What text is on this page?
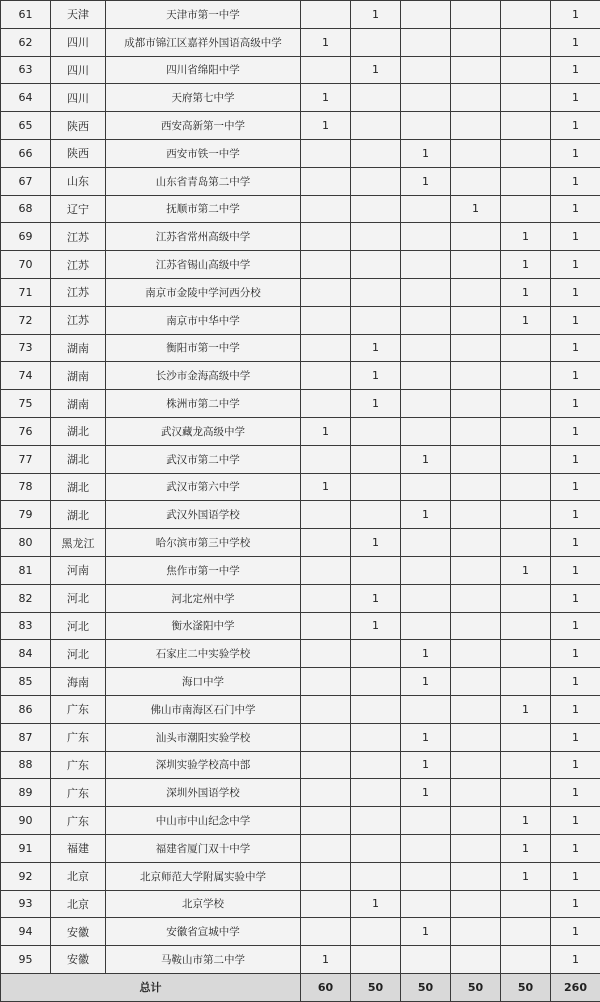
61	天津	天津市第一中学		1				1
62	四川	成都市锦江区嘉祥外国语高级中学	1					1
63	四川	四川省绵阳中学		1				1
64	四川	天府第七中学	1					1
65	陕西	西安高新第一中学	1					1
66	陕西	西安市铁一中学			1			1
67	山东	山东省青岛第二中学			1			1
68	辽宁	抚顺市第二中学				1		1
69	江苏	江苏省常州高级中学					1	1
70	江苏	江苏省锡山高级中学					1	1
71	江苏	南京市金陵中学河西分校					1	1
72	江苏	南京市中华中学					1	1
73	湖南	衡阳市第一中学		1				1
74	湖南	长沙市金海高级中学		1				1
75	湖南	株洲市第二中学		1				1
76	湖北	武汉藏龙高级中学	1					1
77	湖北	武汉市第二中学			1			1
78	湖北	武汉市第六中学	1					1
79	湖北	武汉外国语学校			1			1
80	黑龙江	哈尔滨市第三中学校		1				1
81	河南	焦作市第一中学					1	1
82	河北	河北定州中学		1				1
83	河北	衡水滏阳中学		1				1
84	河北	石家庄二中实验学校			1			1
85	海南	海口中学			1			1
86	广东	佛山市南海区石门中学					1	1
87	广东	汕头市潮阳实验学校			1			1
88	广东	深圳实验学校高中部			1			1
89	广东	深圳外国语学校			1			1
90	广东	中山市中山纪念中学					1	1
91	福建	福建省厦门双十中学					1	1
92	北京	北京师范大学附属实验中学					1	1
93	北京	北京学校		1				1
94	安徽	安徽省宣城中学			1			1
95	安徽	马鞍山市第二中学	1					1
总计			60	50	50	50	50	260
